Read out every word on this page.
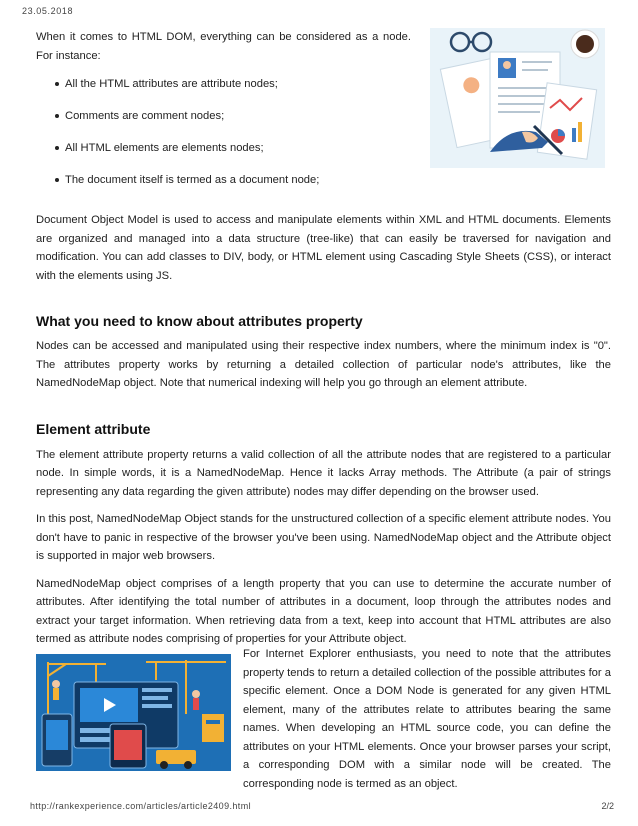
23.05.2018

When it comes to HTML DOM, everything can be considered as a node. For instance:

All the HTML attributes are attribute nodes;
Comments are comment nodes;
All HTML elements are elements nodes;
The document itself is termed as a document node;

Document Object Model is used to access and manipulate elements within XML and HTML documents. Elements are organized and managed into a data structure (tree-like) that can easily be traversed for navigation and modification. You can add classes to DIV, body, or HTML element using Cascading Style Sheets (CSS), or interact with the elements using JS.

What you need to know about attributes property

Nodes can be accessed and manipulated using their respective index numbers, where the minimum index is "0". The attributes property works by returning a detailed collection of particular node's attributes, like the NamedNodeMap object. Note that numerical indexing will help you go through an element attribute.

Element attribute

The element attribute property returns a valid collection of all the attribute nodes that are registered to a particular node. In simple words, it is a NamedNodeMap. Hence it lacks Array methods. The Attribute (a pair of strings representing any data regarding the given attribute) nodes may differ depending on the browser used.

In this post, NamedNodeMap Object stands for the unstructured collection of a specific element attribute nodes. You don't have to panic in respective of the browser you've been using. NamedNodeMap object and the Attribute object is supported in major web browsers.

NamedNodeMap object comprises of a length property that you can use to determine the accurate number of attributes. After identifying the total number of attributes in a document, loop through the attributes nodes and extract your target information. When retrieving data from a text, keep into account that HTML attributes are also termed as attribute nodes comprising of properties for your Attribute object.

For Internet Explorer enthusiasts, you need to note that the attributes property tends to return a detailed collection of the possible attributes for a specific element. Once a DOM Node is generated for any given HTML element, many of the attributes relate to attributes bearing the same names. When developing an HTML source code, you can define the attributes on your HTML elements. Once your browser parses your script, a corresponding DOM with a similar node will be created. The corresponding node is termed as an object.
http://rankexperience.com/articles/article2409.html	2/2
